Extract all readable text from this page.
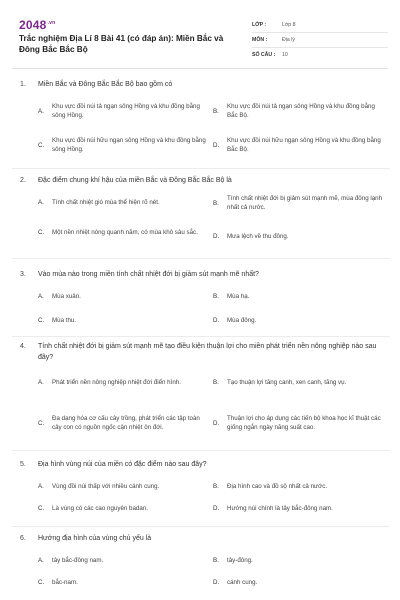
$2048^{.vn}$
Trắc nghiệm Địa Lí 8 Bài 41 (có đáp án): Miền Bắc và Đông Bắc Bắc Bộ
LỚP :	Lớp 8
MÔN :	Địa lý
SỐ CÂU :	10
1.	Miền Bắc và Đông Bắc Bắc Bộ bao gồm có
A.
Khu vực đồi núi tả ngạn sông Hồng và khu đồng bằng sông Hồng.
B.
Khu vực đồi núi tả ngạn sông Hồng và khu đồng bằng Bắc Bộ.
C.
Khu vực đồi núi hữu ngạn sông Hồng và khu đồng bằng sông Hồng.
D.
Khu vực đồi núi hữu ngạn sông Hồng và khu đồng bằng Bắc Bộ.
2.	Đặc điểm chung khí hậu của miền Bắc và Đông Bắc Bắc Bộ là
A.	Tính chất nhiệt gió mùa thể hiện rõ nét.	B.
Tính chất nhiệt đới bị giảm sút mạnh mẽ, mùa đông lạnh nhất cả nước.
C.	Một nền nhiệt nóng quanh năm, có mùa khô sâu sắc.
D.	Mưa lệch về thu đông.
3.	Vào mùa nào trong miền tính chất nhiệt đới bị giảm sút mạnh mẽ nhất?
A.	Mùa xuân.	B.	Mùa hạ.
C.	Mùa thu.	D.	Mùa đông.
4.	Tính chất nhiệt đới bị giảm sút mạnh mẽ tạo điều kiện thuận lợi cho miền phát triển nền nông nghiệp nào sau đây?
A.	Phát triển nền nông nghiệp nhiệt đới điển hình.	B.	Tạo thuận lợi tăng canh, xen canh, tăng vụ.
C.
Đa dạng hóa cơ cấu cây trồng, phát triển các tập toàn cây con có nguồn ngốc cận nhiệt ôn đới.
D.
Thuận lợi cho áp dụng các tiến bộ khoa học kĩ thuật các giống ngắn ngày năng suất cao.
5.	Địa hình vùng núi của miền có đặc điểm nào sau đây?
A.	Vùng đồi núi thấp với nhiều cánh cung.	B.	Địa hình cao và đồ sộ nhất cả nước.
C.	Là vùng có các cao nguyên badan.	D.	Hướng núi chính là tây bắc-đông nam.
6.	Hướng địa hình của vùng chủ yếu là
A.	tây bắc-đông nam.	B.	tây-đông.
C.	bắc-nam.	D.	cánh cung.
